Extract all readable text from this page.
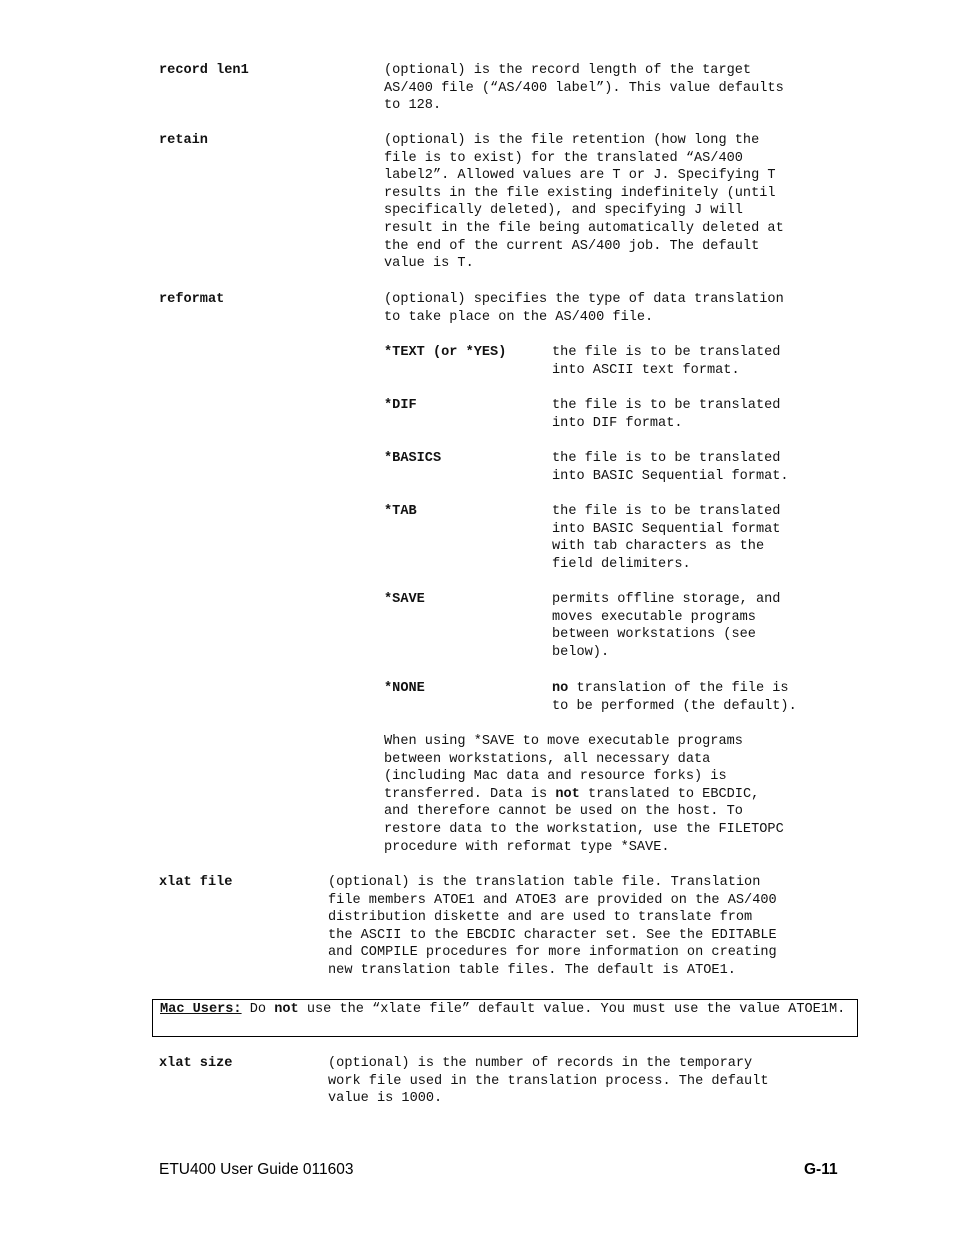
record len1	(optional) is the record length of the target
AS/400 file (“AS/400 label”). This value defaults
to 128.
retain	(optional) is the file retention (how long the
file is to exist) for the translated “AS/400
label2”. Allowed values are T or J. Specifying T
results in the file existing indefinitely (until
specifically deleted), and specifying J will
result in the file being automatically deleted at
the end of the current AS/400 job. The default
value is T.
reformat	(optional) specifies the type of data translation
to take place on the AS/400 file.
*TEXT (or *YES)	the file is to be translated
into ASCII text format.
*DIF	the file is to be translated
into DIF format.
*BASICS	the file is to be translated
into BASIC Sequential format.
*TAB	the file is to be translated
into BASIC Sequential format
with tab characters as the
field delimiters.
*SAVE	permits offline storage, and
moves executable programs
between workstations (see
below).
*NONE	no translation of the file is
to be performed (the default).
When using *SAVE to move executable programs
between workstations, all necessary data
(including Mac data and resource forks) is
transferred. Data is not translated to EBCDIC,
and therefore cannot be used on the host. To
restore data to the workstation, use the FILETOPC
procedure with reformat type *SAVE.
xlat file	(optional) is the translation table file. Translation
file members ATOE1 and ATOE3 are provided on the AS/400
distribution diskette and are used to translate from
the ASCII to the EBCDIC character set. See the EDITABLE
and COMPILE procedures for more information on creating
new translation table files. The default is ATOE1.
Mac Users: Do not use the “xlate file” default value. You must use the value ATOE1M.
xlat size	(optional) is the number of records in the temporary
work file used in the translation process. The default
value is 1000.
ETU400 User Guide 011603	G-11
